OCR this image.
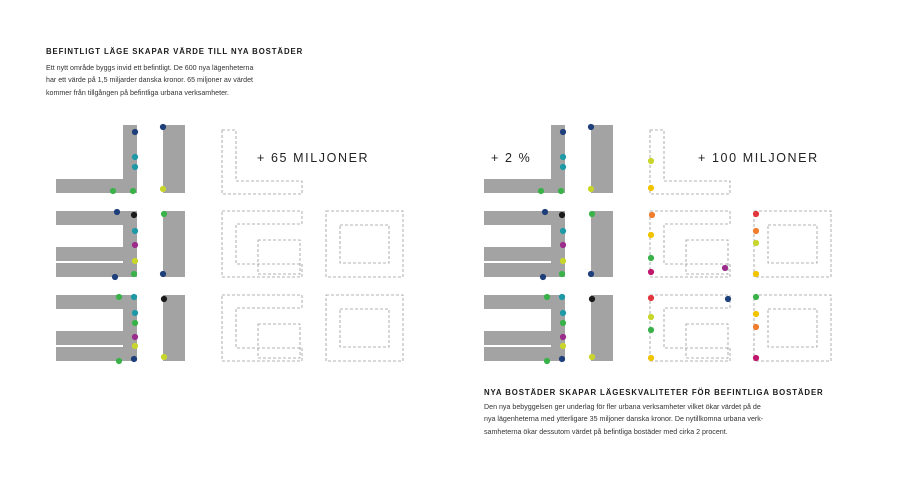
BEFINTLIGT LÄGE SKAPAR VÄRDE TILL NYA BOSTÄDER
Ett nytt område byggs invid ett befintligt. De 600 nya lägenheterna
har ett värde på 1,5 miljarder danska kronor. 65 miljoner av värdet
kommer från tillgången på befintliga urbana verksamheter.
+ 65 MILJONER	+ 2 %	+ 100 MILJONER
NYA BOSTÄDER SKAPAR LÄGESKVALITETER FÖR BEFINTLIGA BOSTÄDER
Den nya bebyggelsen ger underlag för fler urbana verksamheter vilket ökar värdet på de
nya lägenheterna med ytterligare 35 miljoner danska kronor. De nytillkomna urbana verk-
samheterna ökar dessutom värdet på befintliga bostäder med cirka 2 procent.
